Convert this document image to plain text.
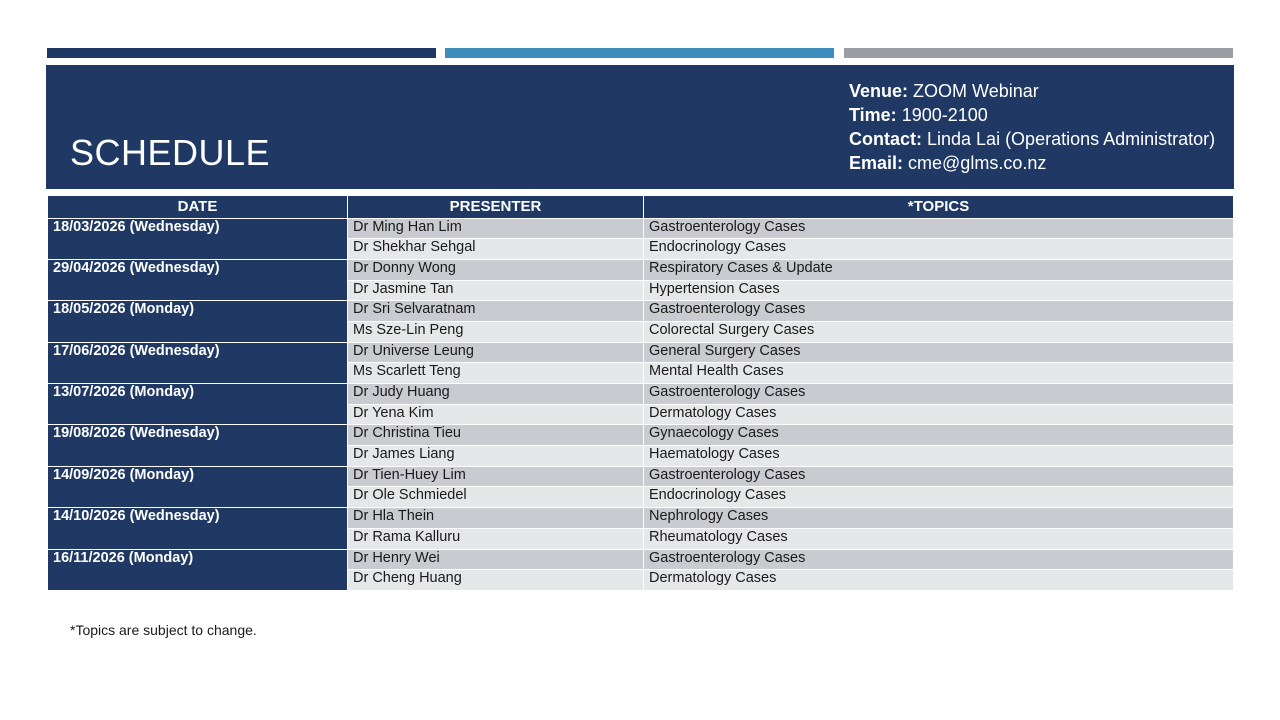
SCHEDULE
Venue: ZOOM Webinar
Time: 1900-2100
Contact: Linda Lai (Operations Administrator)
Email: cme@glms.co.nz
DATE	PRESENTER	*TOPICS
18/03/2026 (Wednesday)	Dr Ming Han Lim	Gastroenterology Cases
	Dr Shekhar Sehgal	Endocrinology Cases
29/04/2026 (Wednesday)	Dr Donny Wong	Respiratory Cases & Update
	Dr Jasmine Tan	Hypertension Cases
18/05/2026 (Monday)	Dr Sri Selvaratnam	Gastroenterology Cases
	Ms Sze-Lin Peng	Colorectal Surgery Cases
17/06/2026 (Wednesday)	Dr Universe Leung	General Surgery Cases
	Ms Scarlett Teng	Mental Health Cases
13/07/2026 (Monday)	Dr Judy Huang	Gastroenterology Cases
	Dr Yena Kim	Dermatology Cases
19/08/2026 (Wednesday)	Dr Christina Tieu	Gynaecology Cases
	Dr James Liang	Haematology Cases
14/09/2026 (Monday)	Dr Tien-Huey Lim	Gastroenterology Cases
	Dr Ole Schmiedel	Endocrinology Cases
14/10/2026 (Wednesday)	Dr Hla Thein	Nephrology Cases
	Dr Rama Kalluru	Rheumatology Cases
16/11/2026 (Monday)	Dr Henry Wei	Gastroenterology Cases
	Dr Cheng Huang	Dermatology Cases
*Topics are subject to change.
